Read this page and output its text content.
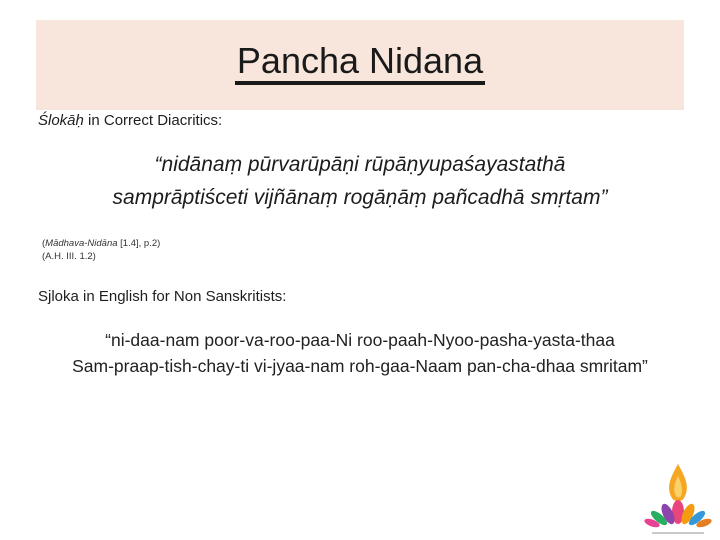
Pancha Nidana
Ślokāḥ in Correct Diacritics:
“nidānaṃ pūrvarūpāṇi rūpāṇyupaśayastathā
samprāptiśceti vijñānaṃ rogāṇāṃ pañcadhā smṛtam”
(Mādhava-Nidāna [1.4], p.2)
(A.H. III. 1.2)
Sjloka in English for Non Sanskritists:
“ni-daa-nam poor-va-roo-paa-Ni roo-paah-Nyoo-pasha-yasta-thaa
Sam-praap-tish-chay-ti vi-jyaa-nam roh-gaa-Naam pan-cha-dhaa smritam”
